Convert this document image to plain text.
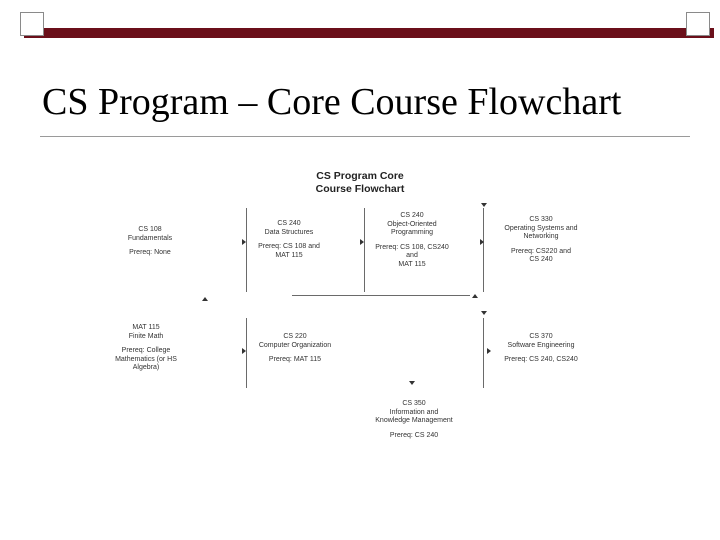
CS Program – Core Course Flowchart
CS Program Core
Course Flowchart
CS 108
Fundamentals
Prereq: None
CS 240
Data Structures
Prereq: CS 108 and
MAT 115
CS 240
Object-Oriented
Programming
Prereq: CS 108, CS240
and
MAT 115
CS 330
Operating Systems and
Networking
Prereq: CS220 and
CS 240
MAT 115
Finite Math
Prereq: College
Mathematics (or HS
Algebra)
CS 220
Computer Organization
Prereq: MAT 115
CS 370
Software Engineering
Prereq: CS 240, CS240
CS 350
Information and
Knowledge Management
Prereq: CS 240
